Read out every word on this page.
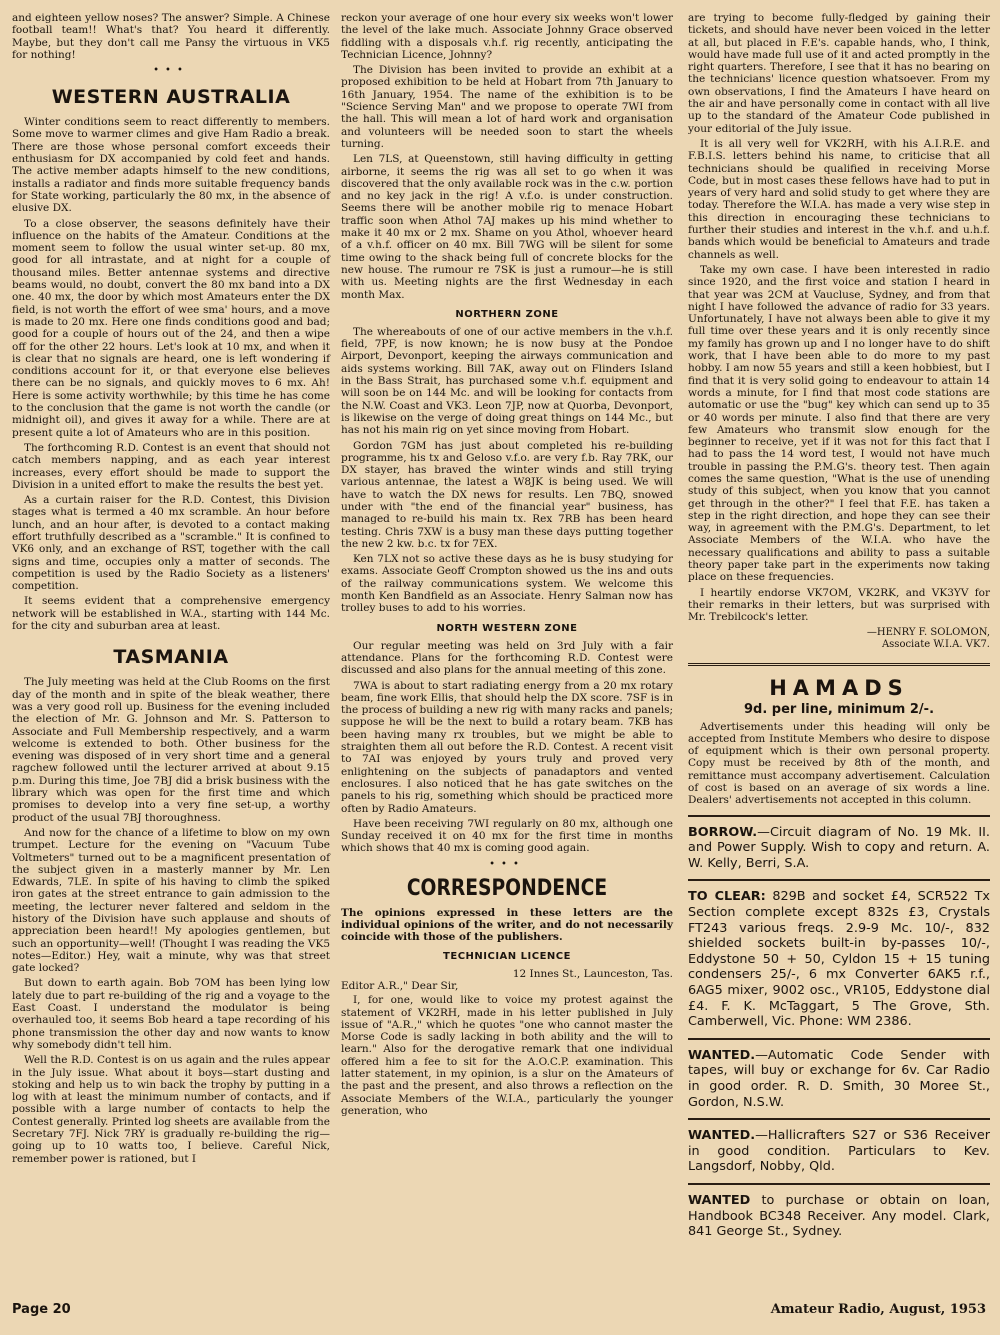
and eighteen yellow noses? The answer? Simple. A Chinese football team!! What's that? You heard it differently. Maybe, but they don't call me Pansy the virtuous in VK5 for nothing!

•••
WESTERN AUSTRALIA

Winter conditions seem to react differently to members. Some move to warmer climes and give Ham Radio a break. There are those whose personal comfort exceeds their enthusiasm for DX accompanied by cold feet and hands. The active member adapts himself to the new conditions, installs a radiator and finds more suitable frequency bands for State working, particularly the 80 mx, in the absence of elusive DX.

To a close observer, the seasons definitely have their influence on the habits of the Amateur. Conditions at the moment seem to follow the usual winter set-up. 80 mx, good for all intrastate, and at night for a couple of thousand miles. Better antennae systems and directive beams would, no doubt, convert the 80 mx band into a DX one. 40 mx, the door by which most Amateurs enter the DX field, is not worth the effort of wee sma' hours, and a move is made to 20 mx. Here one finds conditions good and bad; good for a couple of hours out of the 24, and then a wipe off for the other 22 hours. Let's look at 10 mx, and when it is clear that no signals are heard, one is left wondering if conditions account for it, or that everyone else believes there can be no signals, and quickly moves to 6 mx. Ah! Here is some activity worthwhile; by this time he has come to the conclusion that the game is not worth the candle (or midnight oil), and gives it away for a while. There are at present quite a lot of Amateurs who are in this position.

The forthcoming R.D. Contest is an event that should not catch members napping, and as each year interest increases, every effort should be made to support the Division in a united effort to make the results the best yet.

As a curtain raiser for the R.D. Contest, this Division stages what is termed a 40 mx scramble. An hour before lunch, and an hour after, is devoted to a contact making effort truthfully described as a "scramble." It is confined to VK6 only, and an exchange of RST, together with the call signs and time, occupies only a matter of seconds. The competition is used by the Radio Society as a listeners' competition.

It seems evident that a comprehensive emergency network will be established in W.A., starting with 144 Mc. for the city and suburban area at least.

TASMANIA

The July meeting was held at the Club Rooms on the first day of the month and in spite of the bleak weather, there was a very good roll up. Business for the evening included the election of Mr. G. Johnson and Mr. S. Patterson to Associate and Full Membership respectively, and a warm welcome is extended to both. Other business for the evening was disposed of in very short time and a general ragchew followed until the lecturer arrived at about 9.15 p.m. During this time, Joe 7BJ did a brisk business with the library which was open for the first time and which promises to develop into a very fine set-up, a worthy product of the usual 7BJ thoroughness.

And now for the chance of a lifetime to blow on my own trumpet. Lecture for the evening on "Vacuum Tube Voltmeters" turned out to be a magnificent presentation of the subject given in a masterly manner by Mr. Len Edwards, 7LE. In spite of his having to climb the spiked iron gates at the street entrance to gain admission to the meeting, the lecturer never faltered and seldom in the history of the Division have such applause and shouts of appreciation been heard!! My apologies gentlemen, but such an opportunity—well! (Thought I was reading the VK5 notes—Editor.) Hey, wait a minute, why was that street gate locked?

But down to earth again. Bob 7OM has been lying low lately due to part re-building of the rig and a voyage to the East Coast. I understand the modulator is being overhauled too, it seems Bob heard a tape recording of his phone transmission the other day and now wants to know why somebody didn't tell him.

Well the R.D. Contest is on us again and the rules appear in the July issue. What about it boys—start dusting and stoking and help us to win back the trophy by putting in a log with at least the minimum number of contacts, and if possible with a large number of contacts to help the Contest generally. Printed log sheets are available from the Secretary 7FJ. Nick 7RY is gradually re-building the rig—going up to 10 watts too, I believe. Careful Nick, remember power is rationed, but I

reckon your average of one hour every six weeks won't lower the level of the lake much. Associate Johnny Grace observed fiddling with a disposals v.h.f. rig recently, anticipating the Technician Licence, Johnny?

The Division has been invited to provide an exhibit at a proposed exhibition to be held at Hobart from 7th January to 16th January, 1954. The name of the exhibition is to be "Science Serving Man" and we propose to operate 7WI from the hall. This will mean a lot of hard work and organisation and volunteers will be needed soon to start the wheels turning.

Len 7LS, at Queenstown, still having difficulty in getting airborne, it seems the rig was all set to go when it was discovered that the only available rock was in the c.w. portion and no key jack in the rig! A v.f.o. is under construction. Seems there will be another mobile rig to menace Hobart traffic soon when Athol 7AJ makes up his mind whether to make it 40 mx or 2 mx. Shame on you Athol, whoever heard of a v.h.f. officer on 40 mx. Bill 7WG will be silent for some time owing to the shack being full of concrete blocks for the new house. The rumour re 7SK is just a rumour—he is still with us. Meeting nights are the first Wednesday in each month Max.

NORTHERN ZONE

The whereabouts of one of our active members in the v.h.f. field, 7PF, is now known; he is now busy at the Pondoe Airport, Devonport, keeping the airways communication and aids systems working. Bill 7AK, away out on Flinders Island in the Bass Strait, has purchased some v.h.f. equipment and will soon be on 144 Mc. and will be looking for contacts from the N.W. Coast and VK3. Leon 7JP, now at Quorba, Devonport, is likewise on the verge of doing great things on 144 Mc., but has not his main rig on yet since moving from Hobart.

Gordon 7GM has just about completed his re-building programme, his tx and Geloso v.f.o. are very f.b. Ray 7RK, our DX stayer, has braved the winter winds and still trying various antennae, the latest a W8JK is being used. We will have to watch the DX news for results. Len 7BQ, snowed under with "the end of the financial year" business, has managed to re-build his main tx. Rex 7RB has been heard testing. Chris 7XW is a busy man these days putting together the new 2 kw. b.c. tx for 7EX.

Ken 7LX not so active these days as he is busy studying for exams. Associate Geoff Crompton showed us the ins and outs of the railway communications system. We welcome this month Ken Bandfield as an Associate. Henry Salman now has trolley buses to add to his worries.

NORTH WESTERN ZONE

Our regular meeting was held on 3rd July with a fair attendance. Plans for the forthcoming R.D. Contest were discussed and also plans for the annual meeting of this zone.

7WA is about to start radiating energy from a 20 mx rotary beam, fine work Ellis, that should help the DX score. 7SF is in the process of building a new rig with many racks and panels; suppose he will be the next to build a rotary beam. 7KB has been having many rx troubles, but we might be able to straighten them all out before the R.D. Contest. A recent visit to 7AI was enjoyed by yours truly and proved very enlightening on the subjects of panadaptors and vented enclosures. I also noticed that he has gate switches on the panels to his rig, something which should be practiced more often by Radio Amateurs.

Have been receiving 7WI regularly on 80 mx, although one Sunday received it on 40 mx for the first time in months which shows that 40 mx is coming good again.

•••
CORRESPONDENCE

The opinions expressed in these letters are the individual opinions of the writer, and do not necessarily coincide with those of the publishers.

TECHNICIAN LICENCE

12 Innes St., Launceston, Tas.

Editor A.R.," Dear Sir,

I, for one, would like to voice my protest against the statement of VK2RH, made in his letter published in July issue of "A.R.," which he quotes "one who cannot master the Morse Code is sadly lacking in both ability and the will to learn." Also for the derogative remark that one individual offered him a fee to sit for the A.O.C.P. examination. This latter statement, in my opinion, is a slur on the Amateurs of the past and the present, and also throws a reflection on the Associate Members of the W.I.A., particularly the younger generation, who

are trying to become fully-fledged by gaining their tickets, and should have never been voiced in the letter at all, but placed in F.E's. capable hands, who, I think, would have made full use of it and acted promptly in the right quarters. Therefore, I see that it has no bearing on the technicians' licence question whatsoever. From my own observations, I find the Amateurs I have heard on the air and have personally come in contact with all live up to the standard of the Amateur Code published in your editorial of the July issue.

It is all very well for VK2RH, with his A.I.R.E. and F.B.I.S. letters behind his name, to criticise that all technicians should be qualified in receiving Morse Code, but in most cases these fellows have had to put in years of very hard and solid study to get where they are today. Therefore the W.I.A. has made a very wise step in this direction in encouraging these technicians to further their studies and interest in the v.h.f. and u.h.f. bands which would be beneficial to Amateurs and trade channels as well.

Take my own case. I have been interested in radio since 1920, and the first voice and station I heard in that year was 2CM at Vaucluse, Sydney, and from that night I have followed the advance of radio for 33 years. Unfortunately, I have not always been able to give it my full time over these years and it is only recently since my family has grown up and I no longer have to do shift work, that I have been able to do more to my past hobby. I am now 55 years and still a keen hobbiest, but I find that it is very solid going to endeavour to attain 14 words a minute, for I find that most code stations are automatic or use the "bug" key which can send up to 35 or 40 words per minute. I also find that there are very few Amateurs who transmit slow enough for the beginner to receive, yet if it was not for this fact that I had to pass the 14 word test, I would not have much trouble in passing the P.M.G's. theory test. Then again comes the same question, "What is the use of unending study of this subject, when you know that you cannot get through in the other?" I feel that F.E. has taken a step in the right direction, and hope they can see their way, in agreement with the P.M.G's. Department, to let Associate Members of the W.I.A. who have the necessary qualifications and ability to pass a suitable theory paper take part in the experiments now taking place on these frequencies.

I heartily endorse VK7OM, VK2RK, and VK3YV for their remarks in their letters, but was surprised with Mr. Trebilcock's letter.

—HENRY F. SOLOMON,

Associate W.I.A. VK7.

HAMADS
9d. per line, minimum 2/-.

Advertisements under this heading will only be accepted from Institute Members who desire to dispose of equipment which is their own personal property. Copy must be received by 8th of the month, and remittance must accompany advertisement. Calculation of cost is based on an average of six words a line. Dealers' advertisements not accepted in this column.

BORROW.—Circuit diagram of No. 19 Mk. II. and Power Supply. Wish to copy and return. A. W. Kelly, Berri, S.A.

TO CLEAR: 829B and socket £4, SCR522 Tx Section complete except 832s £3, Crystals FT243 various freqs. 2.9-9 Mc. 10/-, 832 shielded sockets built-in by-passes 10/-, Eddystone 50 + 50, Cyldon 15 + 15 tuning condensers 25/-, 6 mx Converter 6AK5 r.f., 6AG5 mixer, 9002 osc., VR105, Eddystone dial £4. F. K. McTaggart, 5 The Grove, Sth. Camberwell, Vic. Phone: WM 2386.

WANTED.—Automatic Code Sender with tapes, will buy or exchange for 6v. Car Radio in good order. R. D. Smith, 30 Moree St., Gordon, N.S.W.

WANTED.—Hallicrafters S27 or S36 Receiver in good condition. Particulars to Kev. Langsdorf, Nobby, Qld.

WANTED to purchase or obtain on loan, Handbook BC348 Receiver. Any model. Clark, 841 George St., Sydney.

Page 20	Amateur Radio, August, 1953
